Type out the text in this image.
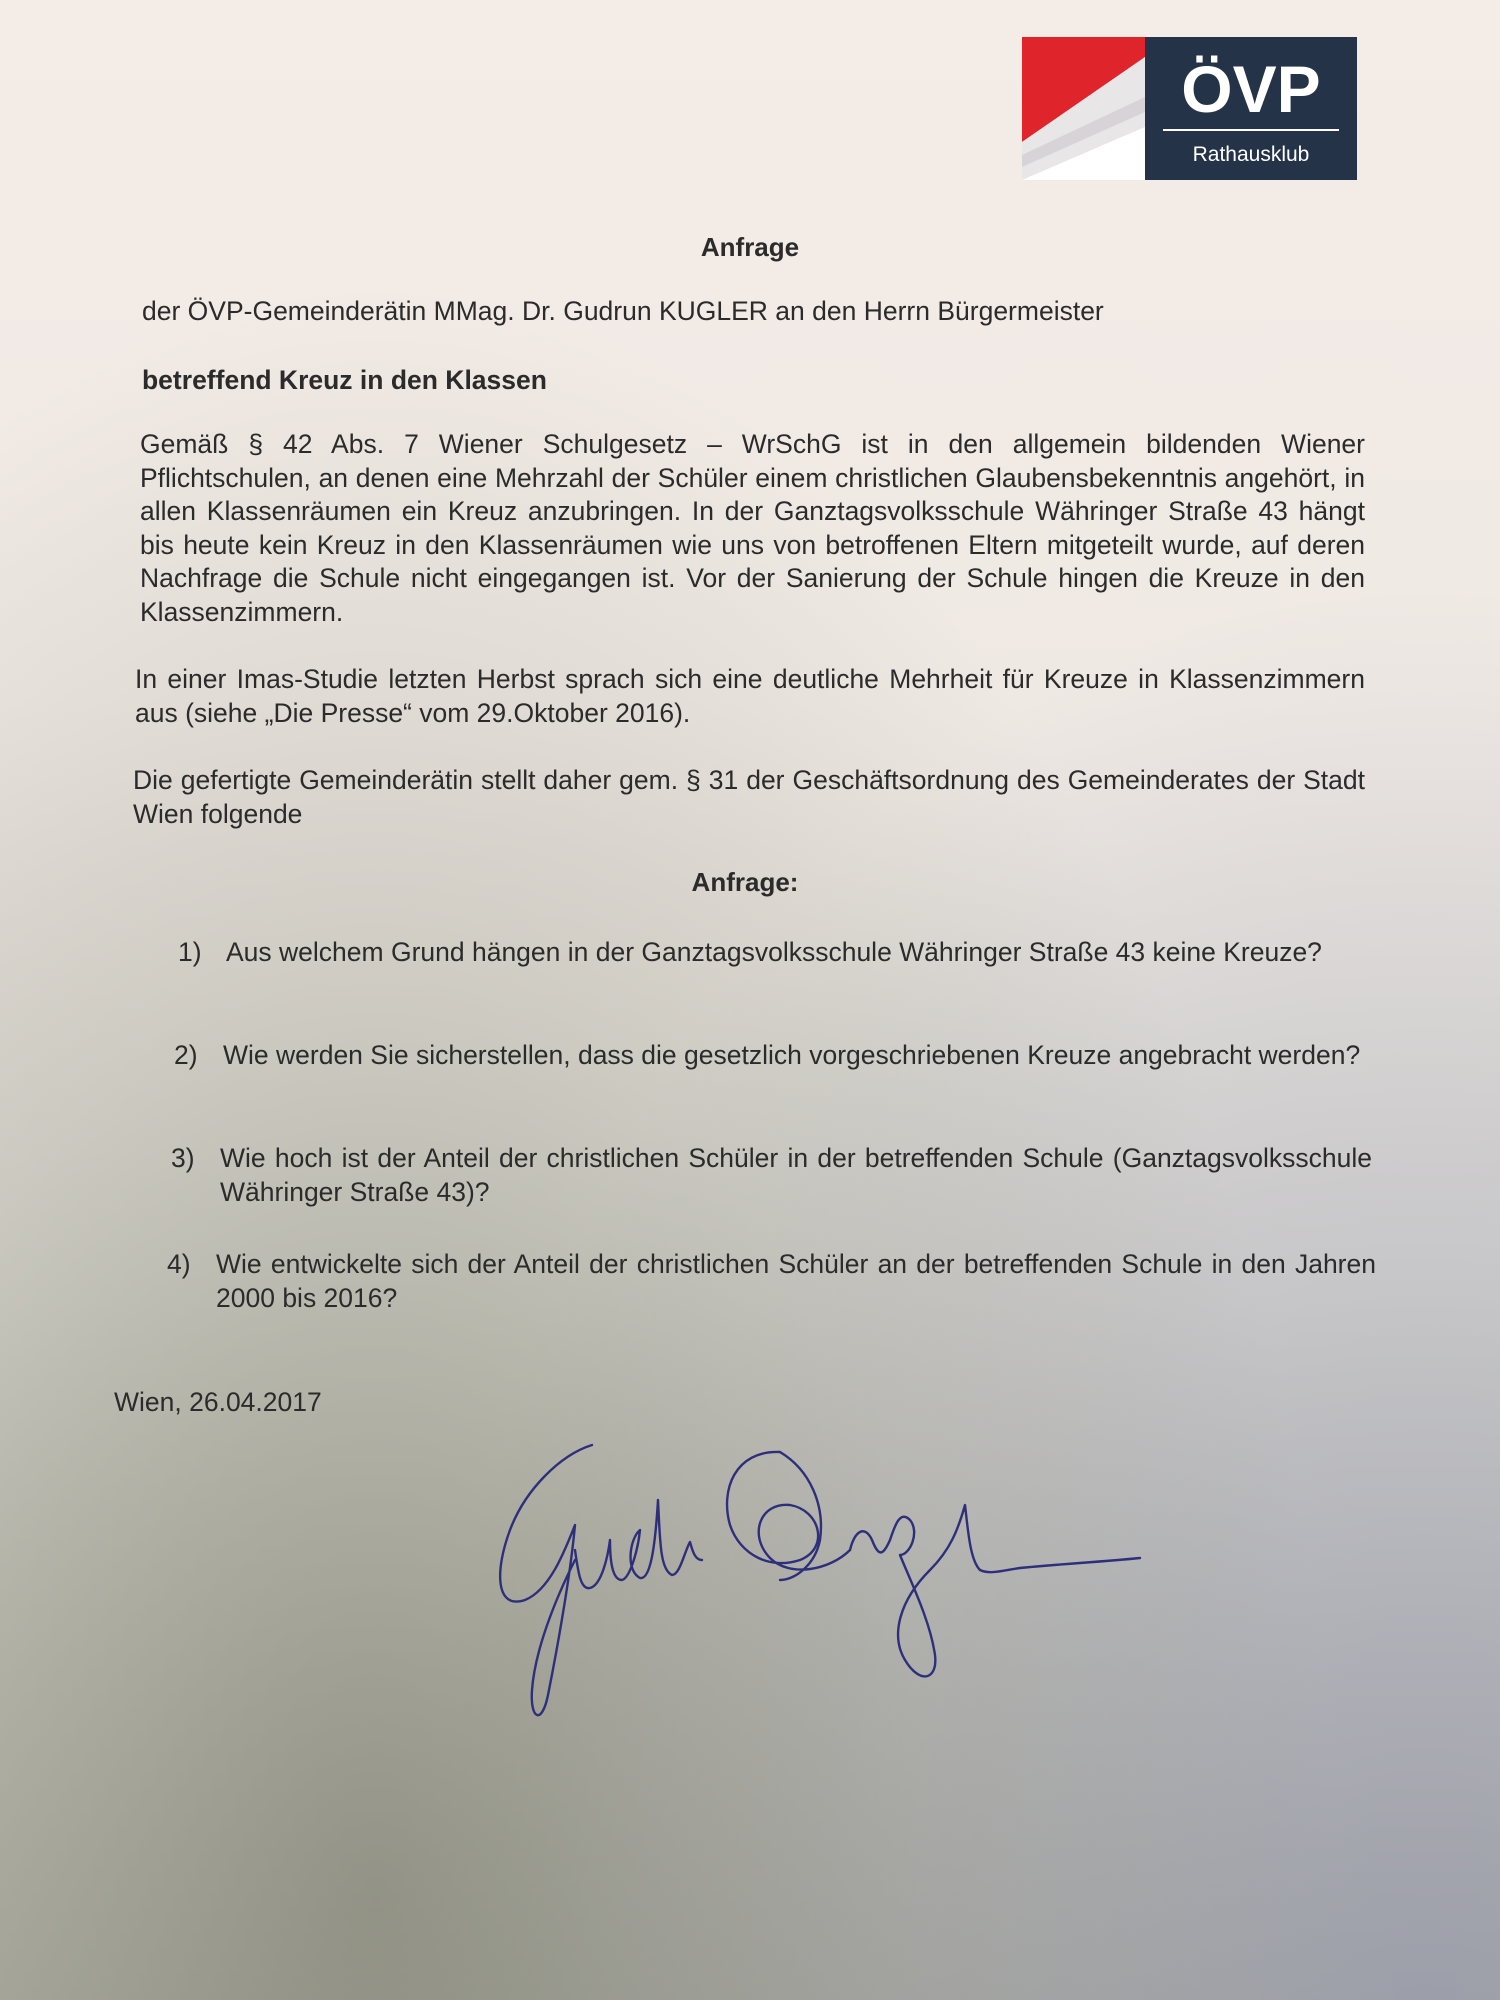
ÖVP
Rathausklub
Anfrage
der ÖVP-Gemeinderätin MMag. Dr. Gudrun KUGLER an den Herrn Bürgermeister
betreffend Kreuz in den Klassen
Gemäß § 42 Abs. 7 Wiener Schulgesetz – WrSchG ist in den allgemein bildenden Wiener Pflichtschulen, an denen eine Mehrzahl der Schüler einem christlichen Glaubensbekenntnis angehört, in allen Klassenräumen ein Kreuz anzubringen. In der Ganztagsvolksschule Währinger Straße 43 hängt bis heute kein Kreuz in den Klassenräumen wie uns von betroffenen Eltern mitgeteilt wurde, auf deren Nachfrage die Schule nicht eingegangen ist. Vor der Sanierung der Schule hingen die Kreuze in den Klassenzimmern.
In einer Imas-Studie letzten Herbst sprach sich eine deutliche Mehrheit für Kreuze in Klassenzimmern aus (siehe „Die Presse“ vom 29.Oktober 2016).
Die gefertigte Gemeinderätin stellt daher gem. § 31 der Geschäftsordnung des Gemeinderates der Stadt Wien folgende
Anfrage:
1) Aus welchem Grund hängen in der Ganztagsvolksschule Währinger Straße 43 keine Kreuze?
2) Wie werden Sie sicherstellen, dass die gesetzlich vorgeschriebenen Kreuze angebracht werden?
3) Wie hoch ist der Anteil der christlichen Schüler in der betreffenden Schule (Ganztagsvolksschule Währinger Straße 43)?
4) Wie entwickelte sich der Anteil der christlichen Schüler an der betreffenden Schule in den Jahren 2000 bis 2016?
Wien, 26.04.2017
